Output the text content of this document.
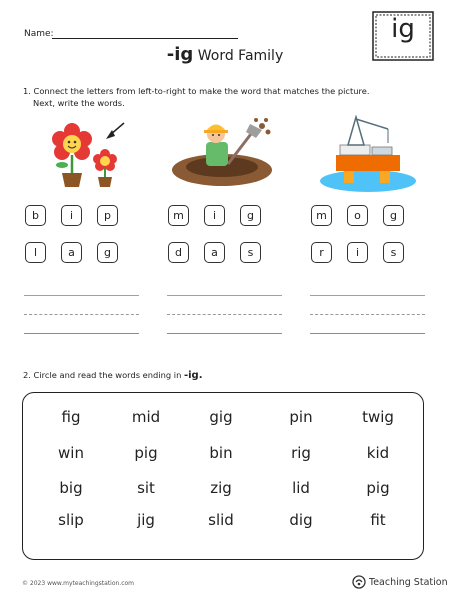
Name:
-ig Word Family
ig
1. Connect the letters from left-to-right to make the word that matches the picture.
Next, write the words.
b	i	p
l	a	g
m	i	g
d	a	s
m	o	g
r	i	s
2. Circle and read the words ending in -ig.
fig	mid	gig	pin	twig
win	pig	bin	rig	kid
big	sit	zig	lid	pig
slip	jig	slid	dig	fit
© 2023 www.myteachingstation.com	Teaching Station
